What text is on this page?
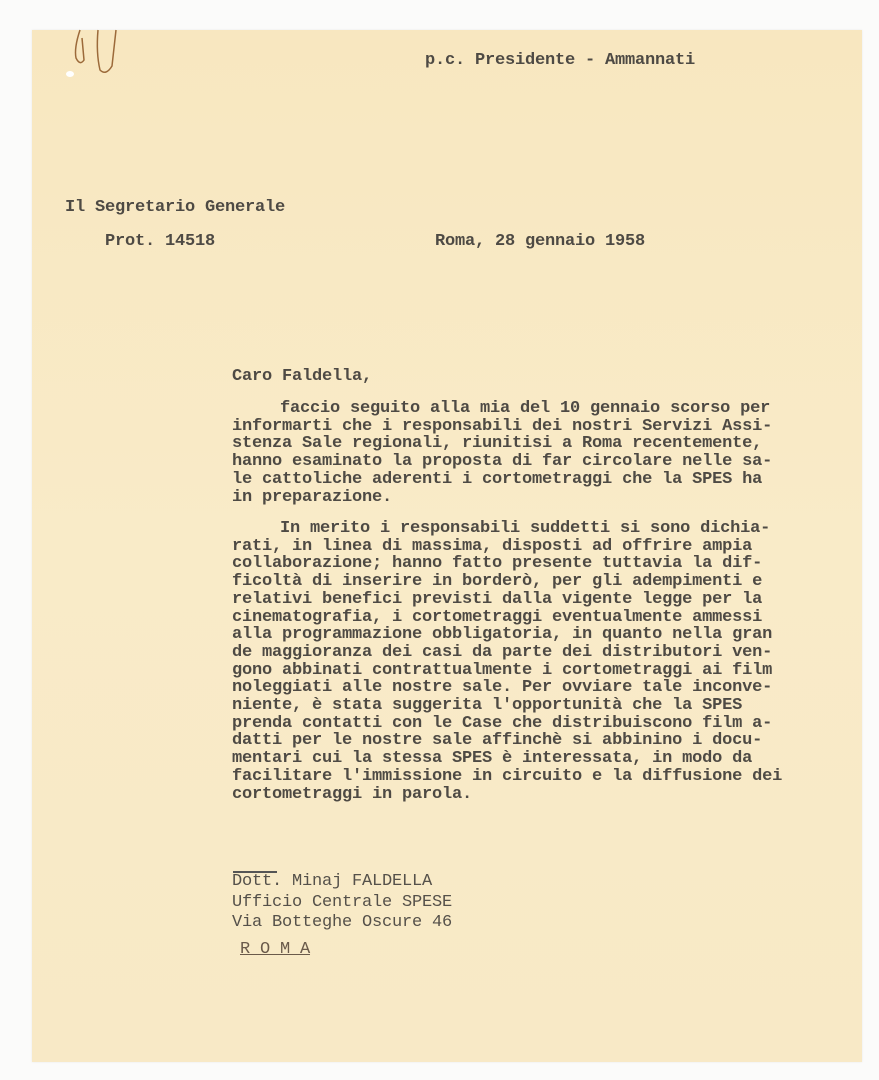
p.c. Presidente - Ammannati
Il Segretario Generale
Prot. 14518	Roma, 28 gennaio 1958
Caro Faldella,
faccio seguito alla mia del 10 gennaio scorso per
informarti che i responsabili dei nostri Servizi Assi-
stenza Sale regionali, riunitisi a Roma recentemente,
hanno esaminato la proposta di far circolare nelle sa-
le cattoliche aderenti i cortometraggi che la SPES ha
in preparazione.
In merito i responsabili suddetti si sono dichia-
rati, in linea di massima, disposti ad offrire ampia
collaborazione; hanno fatto presente tuttavia la dif-
ficoltà di inserire in borderò, per gli adempimenti e
relativi benefici previsti dalla vigente legge per la
cinematografia, i cortometraggi eventualmente ammessi
alla programmazione obbligatoria, in quanto nella gran
de maggioranza dei casi da parte dei distributori ven-
gono abbinati contrattualmente i cortometraggi ai film
noleggiati alle nostre sale. Per ovviare tale inconve-
niente, è stata suggerita l'opportunità che la SPES
prenda contatti con le Case che distribuiscono film a-
datti per le nostre sale affinchè si abbinino i docu-
mentari cui la stessa SPES è interessata, in modo da
facilitare l'immissione in circuito e la diffusione dei
cortometraggi in parola.
Dott. Minaj FALDELLA
Ufficio Centrale SPESE
Via Botteghe Oscure 46
R O M A
